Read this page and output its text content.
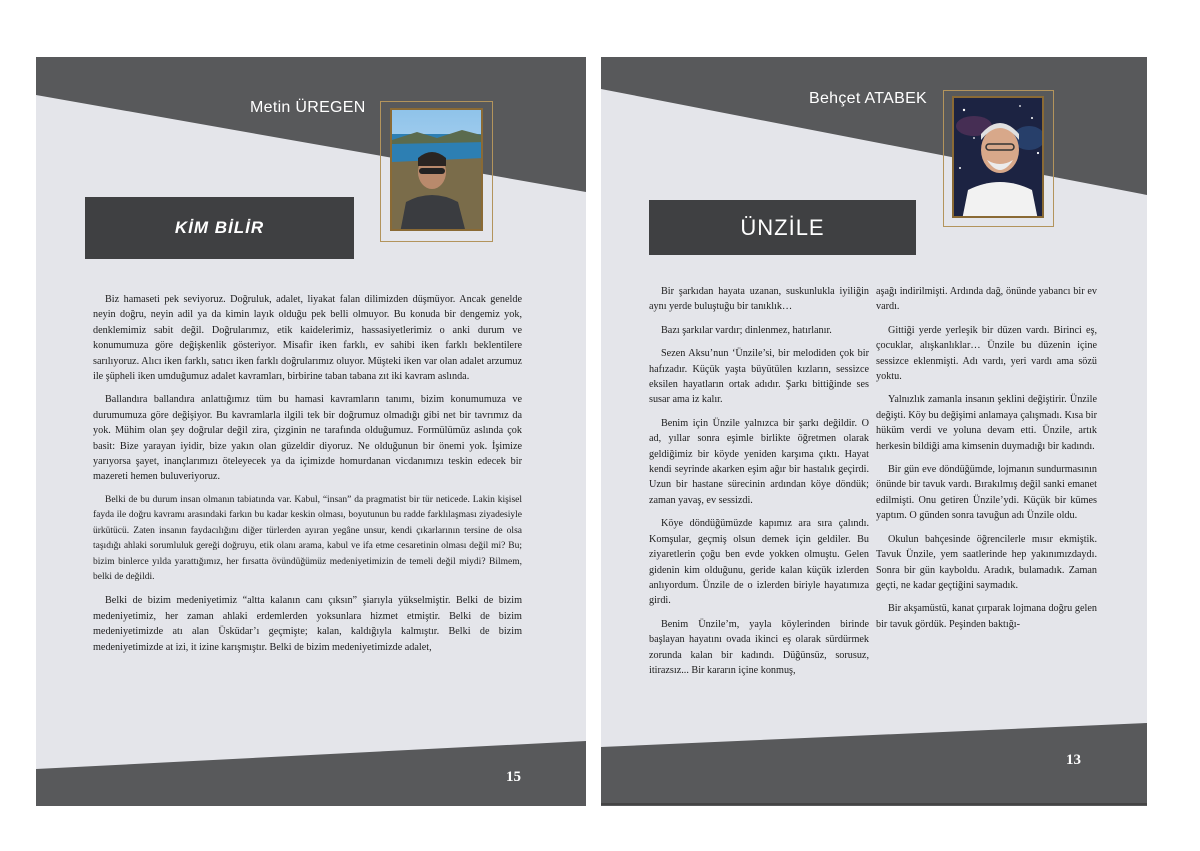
Metin ÜREGEN
KİM BİLİR

Biz hamaseti pek seviyoruz. Doğruluk, adalet, liyakat falan dilimizden düşmüyor. Ancak genelde neyin doğru, neyin adil ya da kimin layık olduğu pek belli olmuyor. Bu konuda bir dengemiz yok, denklemimiz sabit değil. Doğrularımız, etik kaidelerimiz, hassasiyetlerimiz o anki durum ve konumumuza göre değişkenlik gösteriyor. Misafir iken farklı, ev sahibi iken farklı beklentilere sarılıyoruz. Alıcı iken farklı, satıcı iken farklı doğrularımız oluyor. Müşteki iken var olan adalet arzumuz ile şüpheli iken umduğumuz adalet kavramları, birbirine taban tabana zıt iki kavram aslında.

Ballandıra ballandıra anlattığımız tüm bu hamasi kavramların tanımı, bizim konumumuza ve durumumuza göre değişiyor. Bu kavramlarla ilgili tek bir doğrumuz olmadığı gibi net bir tavrımız da yok. Mühim olan şey doğrular değil zira, çizginin ne tarafında olduğumuz. Formülümüz aslında çok basit: Bize yarayan iyidir, bize yakın olan güzeldir diyoruz. Ne olduğunun bir önemi yok. İşimize yarıyorsa şayet, inançlarımızı öteleyecek ya da içimizde homurdanan vicdanımızı teskin edecek bir mazereti hemen buluveriyoruz.

Belki de bu durum insan olmanın tabiatında var. Kabul, “insan” da pragmatist bir tür neticede. Lakin kişisel fayda ile doğru kavramı arasındaki farkın bu kadar keskin olması, boyutunun bu radde farklılaşması ziyadesiyle ürkütücü. Zaten insanın faydacılığını diğer türlerden ayıran yegâne unsur, kendi çıkarlarının tersine de olsa taşıdığı ahlaki sorumluluk gereği doğruyu, etik olanı arama, kabul ve ifa etme cesaretinin olması değil mi? Bu; bizim binlerce yılda yarattığımız, her fırsatta övündüğümüz medeniyetimizin de temeli değil miydi? Bilmem, belki de değildi.

Belki de bizim medeniyetimiz “altta kalanın canı çıksın” şiarıyla yükselmiştir. Belki de bizim medeniyetimiz, her zaman ahlaki erdemlerden yoksunlara hizmet etmiştir. Belki de bizim medeniyetimizde atı alan Üsküdar’ı geçmişte; kalan, kaldığıyla kalmıştır. Belki de bizim medeniyetimizde at izi, it izine karışmıştır. Belki de bizim medeniyetimizde adalet,

15
Behçet ATABEK
ÜNZİLE

Bir şarkıdan hayata uzanan, suskunlukla iyiliğin aynı yerde buluştuğu bir tanıklık…

Bazı şarkılar vardır; dinlenmez, hatırlanır.

Sezen Aksu’nun ‘Ünzile’si, bir melodiden çok bir hafızadır. Küçük yaşta büyütülen kızların, sessizce eksilen hayatların ortak adıdır. Şarkı bittiğinde ses susar ama iz kalır.

Benim için Ünzile yalnızca bir şarkı değildir. O ad, yıllar sonra eşimle birlikte öğretmen olarak geldiğimiz bir köyde yeniden karşıma çıktı. Hayat kendi seyrinde akarken eşim ağır bir hastalık geçirdi. Uzun bir hastane sürecinin ardından köye döndük; zaman yavaş, ev sessizdi.

Köye döndüğümüzde kapımız ara sıra çalındı. Komşular, geçmiş olsun demek için geldiler. Bu ziyaretlerin çoğu ben evde yokken olmuştu. Gelen gidenin kim olduğunu, geride kalan küçük izlerden anlıyordum. Ünzile de o izlerden biriyle hayatımıza girdi.

Benim Ünzile’m, yayla köylerinden birinde başlayan hayatını ovada ikinci eş olarak sürdürmek zorunda kalan bir kadındı. Düğünsüz, sorusuz, itirazsız... Bir kararın içine konmuş,

aşağı indirilmişti. Ardında dağ, önünde yabancı bir ev vardı.

Gittiği yerde yerleşik bir düzen vardı. Birinci eş, çocuklar, alışkanlıklar… Ünzile bu düzenin içine sessizce eklenmişti. Adı vardı, yeri vardı ama sözü yoktu.

Yalnızlık zamanla insanın şeklini değiştirir. Ünzile değişti. Köy bu değişimi anlamaya çalışmadı. Kısa bir hüküm verdi ve yoluna devam etti. Ünzile, artık herkesin bildiği ama kimsenin duymadığı bir kadındı.

Bir gün eve döndüğümde, lojmanın sundurmasının önünde bir tavuk vardı. Bırakılmış değil sanki emanet edilmişti. Onu getiren Ünzile’ydi. Küçük bir kümes yaptım. O günden sonra tavuğun adı Ünzile oldu.

Okulun bahçesinde öğrencilerle mısır ekmiştik. Tavuk Ünzile, yem saatlerinde hep yakınımızdaydı. Sonra bir gün kayboldu. Aradık, bulamadık. Zaman geçti, ne kadar geçtiğini saymadık.

Bir akşamüstü, kanat çırparak lojmana doğru gelen bir tavuk gördük. Peşinden baktığı-

13
